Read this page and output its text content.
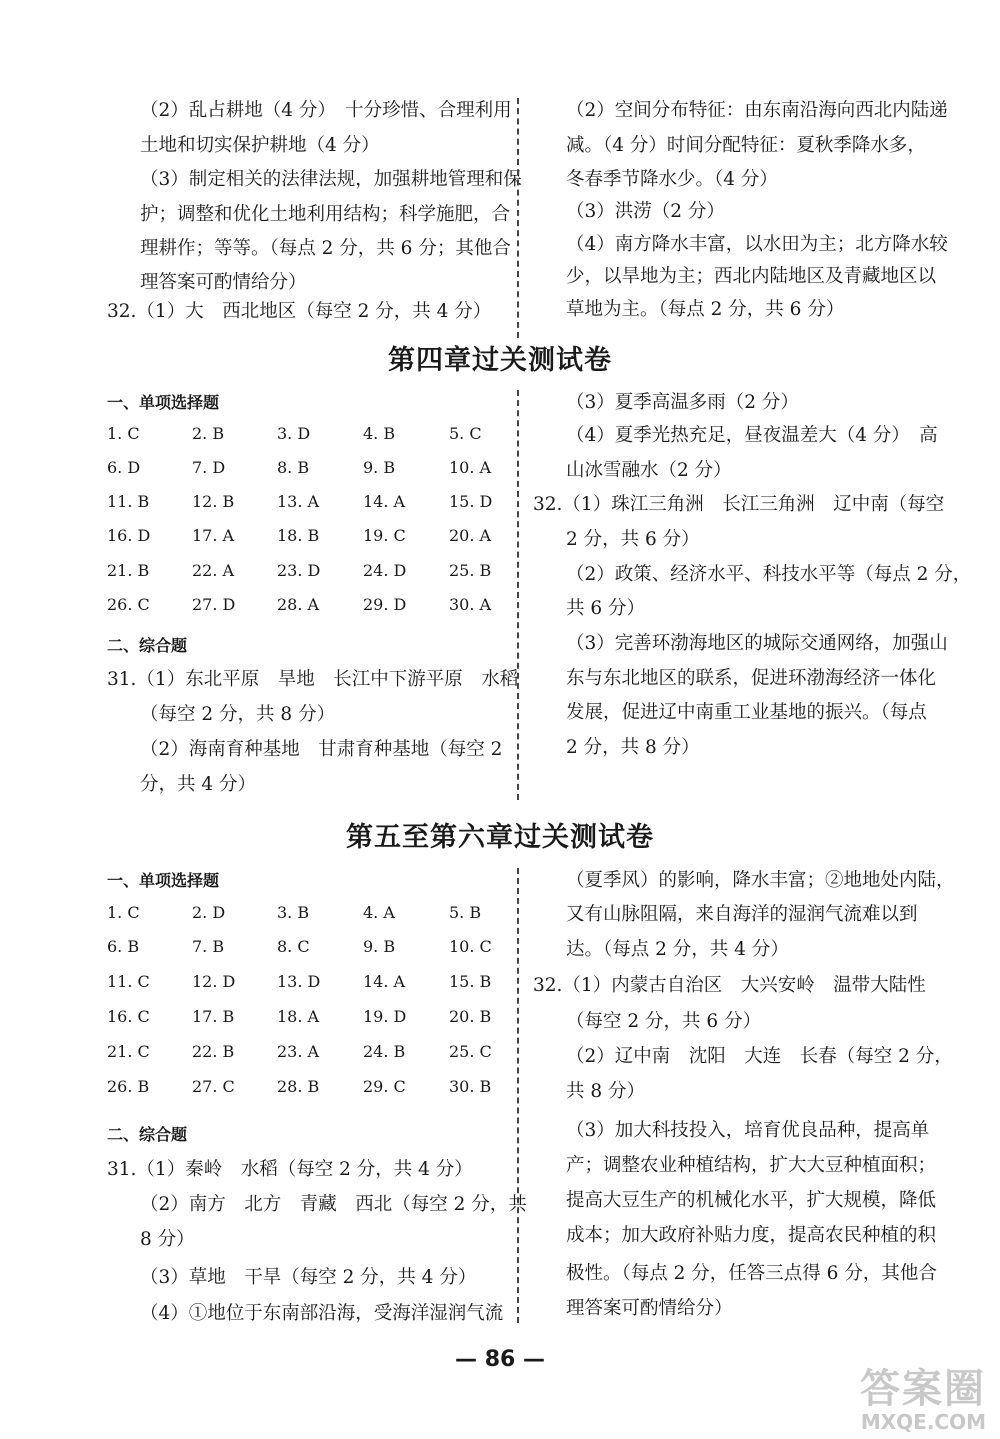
（2）乱占耕地（4 分）　十分珍惜、合理利用
土地和切实保护耕地（4 分）
（3）制定相关的法律法规，加强耕地管理和保
护；调整和优化土地利用结构；科学施肥，合
理耕作；等等。（每点 2 分，共 6 分；其他合
理答案可酌情给分）
32.（1）大　西北地区（每空 2 分，共 4 分）
（2）空间分布特征：由东南沿海向西北内陆递
减。（4 分）时间分配特征：夏秋季降水多，
冬春季节降水少。（4 分）
（3）洪涝（2 分）
（4）南方降水丰富，以水田为主；北方降水较
少，以旱地为主；西北内陆地区及青藏地区以
草地为主。（每点 2 分，共 6 分）
第四章过关测试卷
一、单项选择题
1. C	2. B	3. D	4. B	5. C
6. D	7. D	8. B	9. B	10. A
11. B	12. B	13. A	14. A	15. D
16. D	17. A	18. B	19. C	20. A
21. B	22. A	23. D	24. D	25. B
26. C	27. D	28. A	29. D	30. A
二、综合题
31.（1）东北平原　旱地　长江中下游平原　水稻
（每空 2 分，共 8 分）
（2）海南育种基地　甘肃育种基地（每空 2
分，共 4 分）
（3）夏季高温多雨（2 分）
（4）夏季光热充足，昼夜温差大（4 分）　高
山冰雪融水（2 分）
32.（1）珠江三角洲　长江三角洲　辽中南（每空
2 分，共 6 分）
（2）政策、经济水平、科技水平等（每点 2 分，
共 6 分）
（3）完善环渤海地区的城际交通网络，加强山
东与东北地区的联系，促进环渤海经济一体化
发展，促进辽中南重工业基地的振兴。（每点
2 分，共 8 分）
第五至第六章过关测试卷
一、单项选择题
1. C	2. D	3. B	4. A	5. B
6. B	7. B	8. C	9. B	10. C
11. C	12. D	13. D	14. A	15. B
16. C	17. B	18. A	19. D	20. B
21. C	22. B	23. A	24. B	25. C
26. B	27. C	28. B	29. C	30. B
二、综合题
31.（1）秦岭　水稻（每空 2 分，共 4 分）
（2）南方　北方　青藏　西北（每空 2 分，共
8 分）
（3）草地　干旱（每空 2 分，共 4 分）
（4）①地位于东南部沿海，受海洋湿润气流
（夏季风）的影响，降水丰富；②地地处内陆，
又有山脉阻隔，来自海洋的湿润气流难以到
达。（每点 2 分，共 4 分）
32.（1）内蒙古自治区　大兴安岭　温带大陆性
（每空 2 分，共 6 分）
（2）辽中南　沈阳　大连　长春（每空 2 分，
共 8 分）
（3）加大科技投入，培育优良品种，提高单
产；调整农业种植结构，扩大大豆种植面积；
提高大豆生产的机械化水平，扩大规模，降低
成本；加大政府补贴力度，提高农民种植的积
极性。（每点 2 分，任答三点得 6 分，其他合
理答案可酌情给分）
— 86 —
答案圈
MXQE.COM
